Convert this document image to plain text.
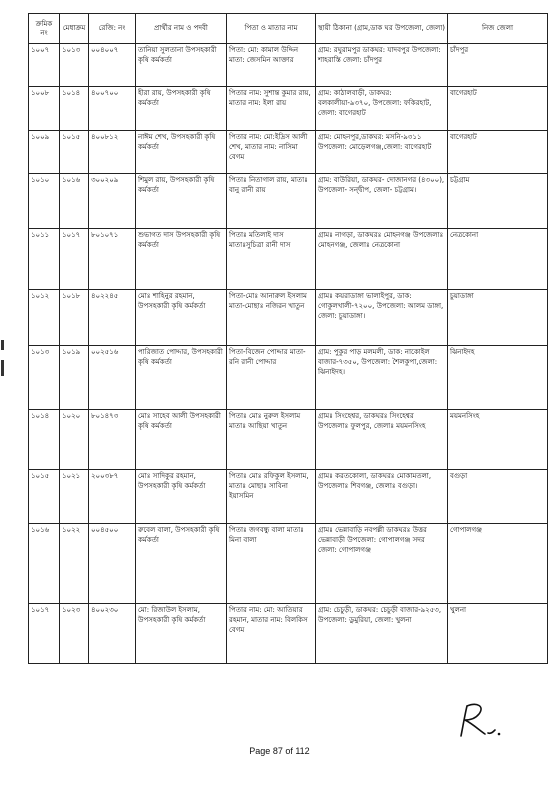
ক্রমিক নং	মেধাক্রম	রেজি: নং	প্রার্থীর নাম ও পদবী	পিতা ও মাতার নাম	স্থায়ী ঠিকানা (গ্রাম,ডাক ঘর উপজেলা, জেলা)	নিজ জেলা
১০০৭	১০১৩	০০৪০০৭	তানিয়া সুলতানা উপসহকারী কৃষি কর্মকর্তা	পিতা: মো: কামাল উদ্দিন মাতা: জেসমিন আক্তার	গ্রাম: রঘুরামপুর ডাকঘর: যাদবপুর উপজেলা: শাহরাস্তি জেলা: চাঁদপুর	চাঁদপুর
১০০৮	১০১৪	৪০০৭০০	হীরা রায়, উপসহকারী কৃষি কর্মকর্তা	পিতার নাম: সুশান্ত কুমার রায়, মাতার নাম: ইলা রায়	গ্রাম: কাঠালবাড়ী, ডাকঘর: বলকালীয়া-৯৩৭০, উপজেলা: ফকিরহাট, জেলা: বাগেরহাট	বাগেরহাট
১০০৯	১০১৫	৪০০৮১২	নাঈম শেখ, উপসহকারী কৃষি কর্মকর্তা	পিতার নাম: মো:ইদ্রিস আলী শেখ, মাতার নাম: নাসিমা বেগম	গ্রাম: মোহনপুর,ডাকঘর: মসনি-৯৩১১ উপজেলা: মোড়েলগঞ্জ,জেলা: বাগেরহাট	বাগেরহাট
১০১০	১০১৬	৩০০২০৯	শিমুল রায়, উপসহকারী কৃষি কর্মকর্তা	পিতাঃ নিতাগাল রায়, মাতাঃ বানু রানী রায়	গ্রাম: বাউরিয়া, ডাকঘর- দোজানগর (৪৩০০), উপজেলা- সন্দ্বীপ, জেলা- চট্টগ্রাম।	চট্টগ্রাম
১০১১	১০১৭	৮০১০৭১	শুভাগত দাস উপসহকারী কৃষি কর্মকর্তা	পিতাঃ মতিলাই দাস মাতাঃসুচিত্রা রানী দাস	গ্রামঃ নাগড়া, ডাকঘরঃ মোহনগঞ্জ উপজেলাঃ মোহনগঞ্জ, জেলাঃ নেত্রকোনা	নেত্রকোনা
১০১২	১০১৮	৪০২২৪৫	মোঃ শাহিনুর রহমান, উপসহকারী কৃষি কর্মকর্তা	পিতা-মোঃ আনারুল ইসলাম মাতা-মোছাঃ নজিরন খাতুন	গ্রামঃ কয়রাডাঙ্গা ভালাইপুর, ডাক: গোকুলখালী-৭২০০, উপজেলা: আলম ডাঙ্গা, জেলা: চুয়াডাঙ্গা।	চুয়াডাঙ্গা
১০১৩	১০১৯	০০২৫১৬	পারিজাত পোদ্দার, উপসহকারী কৃষি কর্মকর্তা	পিতা-বিজেন পোদ্দার মাতা-রনি রানী পোদ্দার	গ্রাম: পুকুর পাড় মলমলী, ডাক: নাকোইল বাজার-৭৩৫০, উপজেলা: শৈলকুপা,জেলা: ঝিনাইদহ।	ঝিনাইদহ
১০১৪	১০২০	৮০১৪৭৩	মোঃ সাহেব আলী উপসহকারী কৃষি কর্মকর্তা	পিতাঃ মোঃ নুরুল ইসলাম মাতাঃ আছিয়া খাতুন	গ্রামঃ সিংহেশ্বর, ডাকঘরঃ সিংহেশ্বর উপজেলাঃ ফুলপুর, জেলাঃ ময়মনসিংহ	ময়মনসিংহ
১০১৫	১০২১	২০০৩৮৭	মোঃ সাদিকুর রহমান, উপসহকারী কৃষি কর্মকর্তা	পিতাঃ মোঃ রফিকুল ইসলাম, মাতাঃ মোছাঃ সাবিনা ইয়াসমিন	গ্রামঃ করতকোলা, ডাকঘরঃ মোকামতলা, উপজেলাঃ শিবগঞ্জ, জেলাঃ বগুড়া।	বগুড়া
১০১৬	১০২২	০০৪৫০০	রুবেল বালা, উপসহকারী কৃষি কর্মকর্তা	পিতাঃ জগবন্ধু বালা মাতাঃ মিনা বালা	গ্রামঃ ভেন্নাবাড়ি নবপল্লী ডাকঘরঃ উত্তর ভেন্নাবাড়ী উপজেলা: গোপালগঞ্জ সদর জেলা: গোপালগঞ্জ	গোপালগঞ্জ
১০১৭	১০২৩	৪০০২৩০	মো: রিজাউল ইসলাম, উপসহকারী কৃষি কর্মকর্তা	পিতার নাম: মো: আতিয়ার রহমান, মাতার নাম: বিলকিস বেগম	গ্রাম: চেচুড়ী, ডাকঘর: চেচুড়ী বাজার-৯২৫৩, উপজেলা: ডুমুরিয়া, জেলা: খুলনা	খুলনা
Page 87 of 112
